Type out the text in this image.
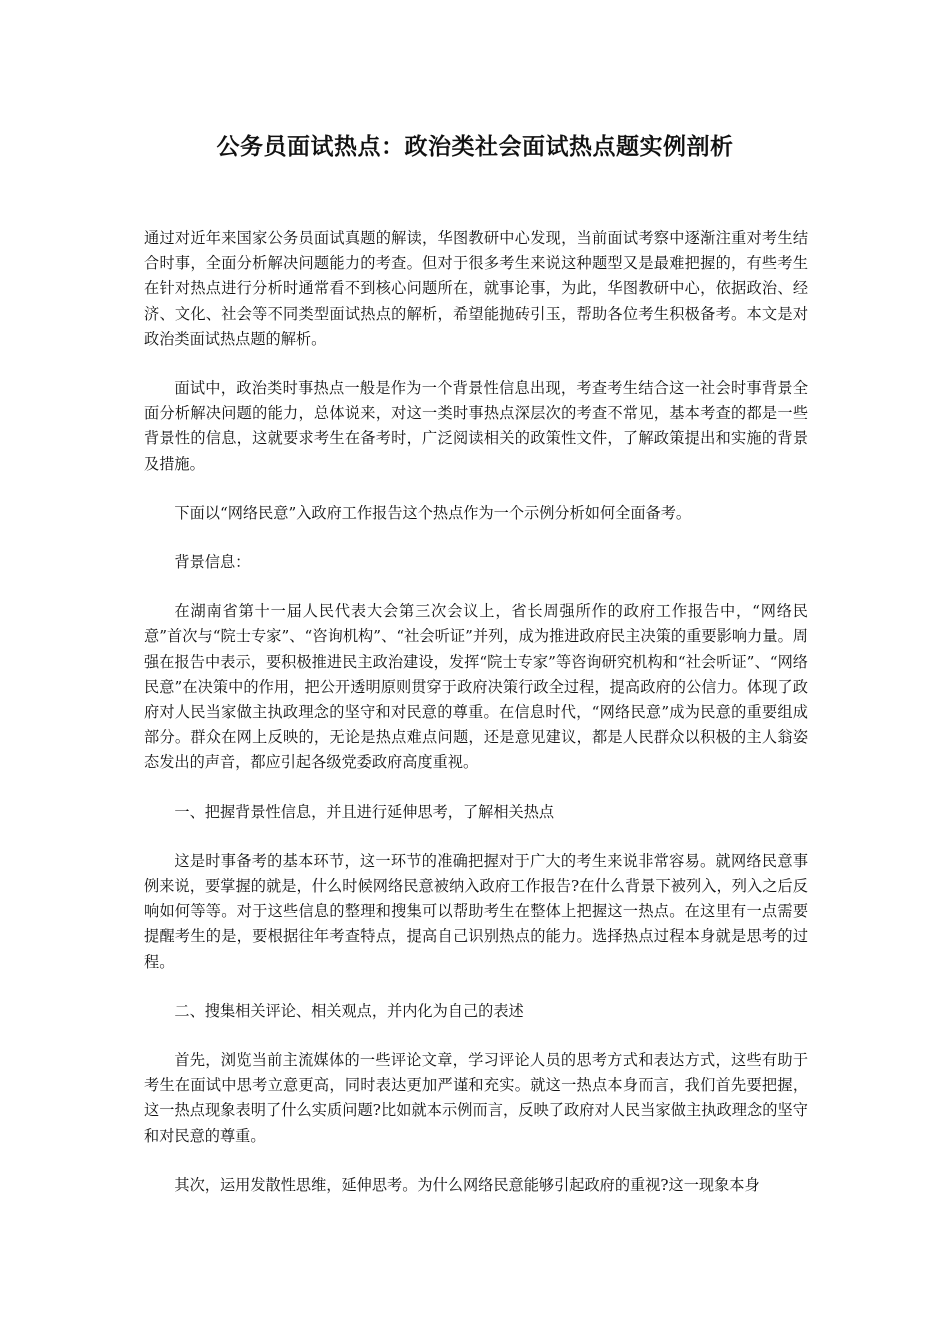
公务员面试热点：政治类社会面试热点题实例剖析

通过对近年来国家公务员面试真题的解读，华图教研中心发现，当前面试考察中逐渐注重对考生结合时事，全面分析解决问题能力的考查。但对于很多考生来说这种题型又是最难把握的，有些考生在针对热点进行分析时通常看不到核心问题所在，就事论事，为此，华图教研中心，依据政治、经济、文化、社会等不同类型面试热点的解析，希望能抛砖引玉，帮助各位考生积极备考。本文是对政治类面试热点题的解析。

面试中，政治类时事热点一般是作为一个背景性信息出现，考查考生结合这一社会时事背景全面分析解决问题的能力，总体说来，对这一类时事热点深层次的考查不常见，基本考查的都是一些背景性的信息，这就要求考生在备考时，广泛阅读相关的政策性文件，了解政策提出和实施的背景及措施。

下面以“网络民意”入政府工作报告这个热点作为一个示例分析如何全面备考。

背景信息：

在湖南省第十一届人民代表大会第三次会议上，省长周强所作的政府工作报告中，“网络民意”首次与“院士专家”、“咨询机构”、“社会听证”并列，成为推进政府民主决策的重要影响力量。周强在报告中表示，要积极推进民主政治建设，发挥“院士专家”等咨询研究机构和“社会听证”、“网络民意”在决策中的作用，把公开透明原则贯穿于政府决策行政全过程，提高政府的公信力。体现了政府对人民当家做主执政理念的坚守和对民意的尊重。在信息时代，“网络民意”成为民意的重要组成部分。群众在网上反映的，无论是热点难点问题，还是意见建议，都是人民群众以积极的主人翁姿态发出的声音，都应引起各级党委政府高度重视。

一、把握背景性信息，并且进行延伸思考，了解相关热点

这是时事备考的基本环节，这一环节的准确把握对于广大的考生来说非常容易。就网络民意事例来说，要掌握的就是，什么时候网络民意被纳入政府工作报告?在什么背景下被列入，列入之后反响如何等等。对于这些信息的整理和搜集可以帮助考生在整体上把握这一热点。在这里有一点需要提醒考生的是，要根据往年考查特点，提高自己识别热点的能力。选择热点过程本身就是思考的过程。

二、搜集相关评论、相关观点，并内化为自己的表述

首先，浏览当前主流媒体的一些评论文章，学习评论人员的思考方式和表达方式，这些有助于考生在面试中思考立意更高，同时表达更加严谨和充实。就这一热点本身而言，我们首先要把握，这一热点现象表明了什么实质问题?比如就本示例而言，反映了政府对人民当家做主执政理念的坚守和对民意的尊重。

其次，运用发散性思维，延伸思考。为什么网络民意能够引起政府的重视?这一现象本身
